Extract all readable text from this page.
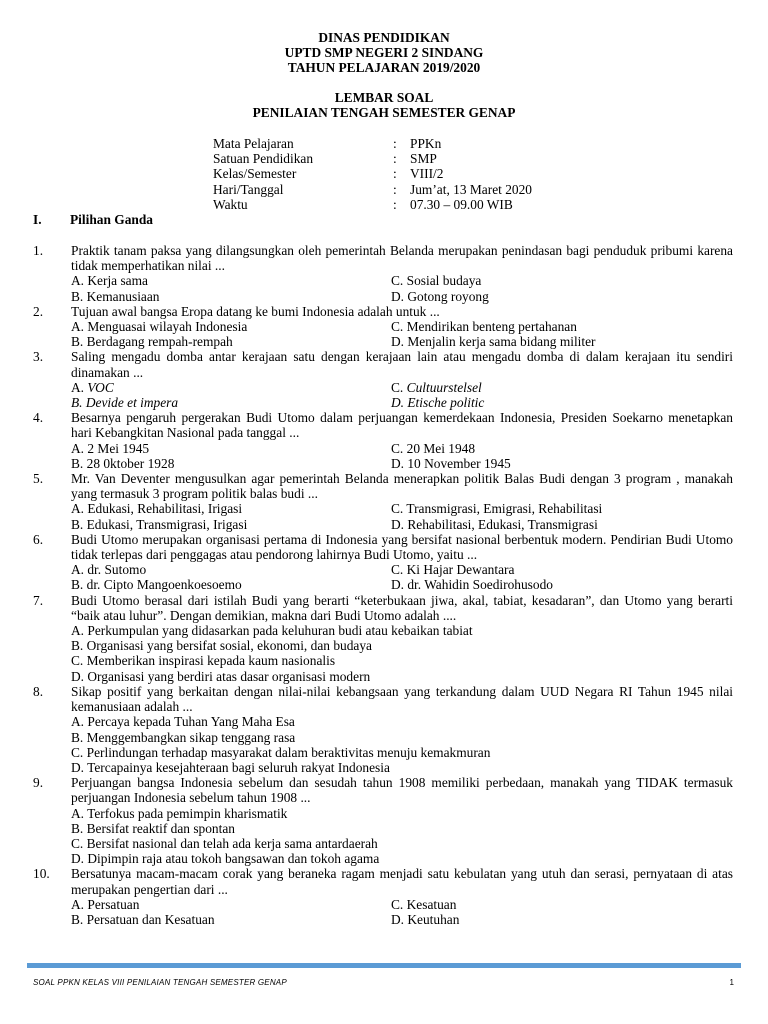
DINAS PENDIDIKAN
UPTD SMP NEGERI 2 SINDANG
TAHUN PELAJARAN 2019/2020
LEMBAR SOAL
PENILAIAN TENGAH SEMESTER GENAP
Mata Pelajaran	: PPKn
Satuan Pendidikan	: SMP
Kelas/Semester	: VIII/2
Hari/Tanggal	: Jum’at, 13 Maret 2020
Waktu	: 07.30 – 09.00 WIB
I.	Pilihan Ganda
1.	Praktik tanam paksa yang dilangsungkan oleh pemerintah Belanda merupakan penindasan bagi penduduk pribumi karena tidak memperhatikan nilai ...
A. Kerja sama	C. Sosial budaya
B. Kemanusiaan	D. Gotong royong
2.	Tujuan awal bangsa Eropa datang ke bumi Indonesia adalah untuk ...
A. Menguasai wilayah Indonesia	C. Mendirikan benteng pertahanan
B. Berdagang rempah-rempah	D. Menjalin kerja sama bidang militer
3.	Saling mengadu domba antar kerajaan satu dengan kerajaan lain atau mengadu domba di dalam kerajaan itu sendiri dinamakan ...
A. VOC	C. Cultuurstelsel
B. Devide et impera	D. Etische politic
4.	Besarnya pengaruh pergerakan Budi Utomo dalam perjuangan kemerdekaan Indonesia, Presiden Soekarno menetapkan hari Kebangkitan Nasional pada tanggal ...
A. 2 Mei 1945	C. 20 Mei 1948
B. 28 0ktober 1928	D. 10 November 1945
5.	Mr. Van Deventer mengusulkan agar pemerintah Belanda menerapkan politik Balas Budi dengan 3 program , manakah yang termasuk 3 program politik balas budi ...
A. Edukasi, Rehabilitasi, Irigasi	C. Transmigrasi, Emigrasi, Rehabilitasi
B. Edukasi, Transmigrasi, Irigasi	D. Rehabilitasi, Edukasi, Transmigrasi
6.	Budi Utomo merupakan organisasi pertama di Indonesia yang bersifat nasional berbentuk modern. Pendirian Budi Utomo tidak terlepas dari penggagas atau pendorong lahirnya Budi Utomo, yaitu ...
A. dr. Sutomo	C. Ki Hajar Dewantara
B. dr. Cipto Mangoenkoesoemo	D. dr. Wahidin Soedirohusodo
7.	Budi Utomo berasal dari istilah Budi yang berarti “keterbukaan jiwa, akal, tabiat, kesadaran”, dan Utomo yang berarti “baik atau luhur”. Dengan demikian, makna dari Budi Utomo adalah ....
A. Perkumpulan yang didasarkan pada keluhuran budi atau kebaikan tabiat
B. Organisasi yang bersifat sosial, ekonomi, dan budaya
C. Memberikan inspirasi kepada kaum nasionalis
D. Organisasi yang berdiri atas dasar organisasi modern
8.	Sikap positif yang berkaitan dengan nilai-nilai kebangsaan yang terkandung dalam UUD Negara RI Tahun 1945 nilai kemanusiaan adalah ...
A. Percaya kepada Tuhan Yang Maha Esa
B. Menggembangkan sikap tenggang rasa
C. Perlindungan terhadap masyarakat dalam beraktivitas menuju kemakmuran
D. Tercapainya kesejahteraan bagi seluruh rakyat Indonesia
9.	Perjuangan bangsa Indonesia sebelum dan sesudah tahun 1908 memiliki perbedaan, manakah yang TIDAK termasuk perjuangan Indonesia sebelum tahun 1908 ...
A. Terfokus pada pemimpin kharismatik
B. Bersifat reaktif dan spontan
C. Bersifat nasional dan telah ada kerja sama antardaerah
D. Dipimpin raja atau tokoh bangsawan dan tokoh agama
10.	Bersatunya macam-macam corak yang beraneka ragam menjadi satu kebulatan yang utuh dan serasi, pernyataan di atas merupakan pengertian dari ...
A. Persatuan	C. Kesatuan
B. Persatuan dan Kesatuan	D. Keutuhan
SOAL PPKN KELAS VIII PENILAIAN TENGAH SEMESTER GENAP	1
